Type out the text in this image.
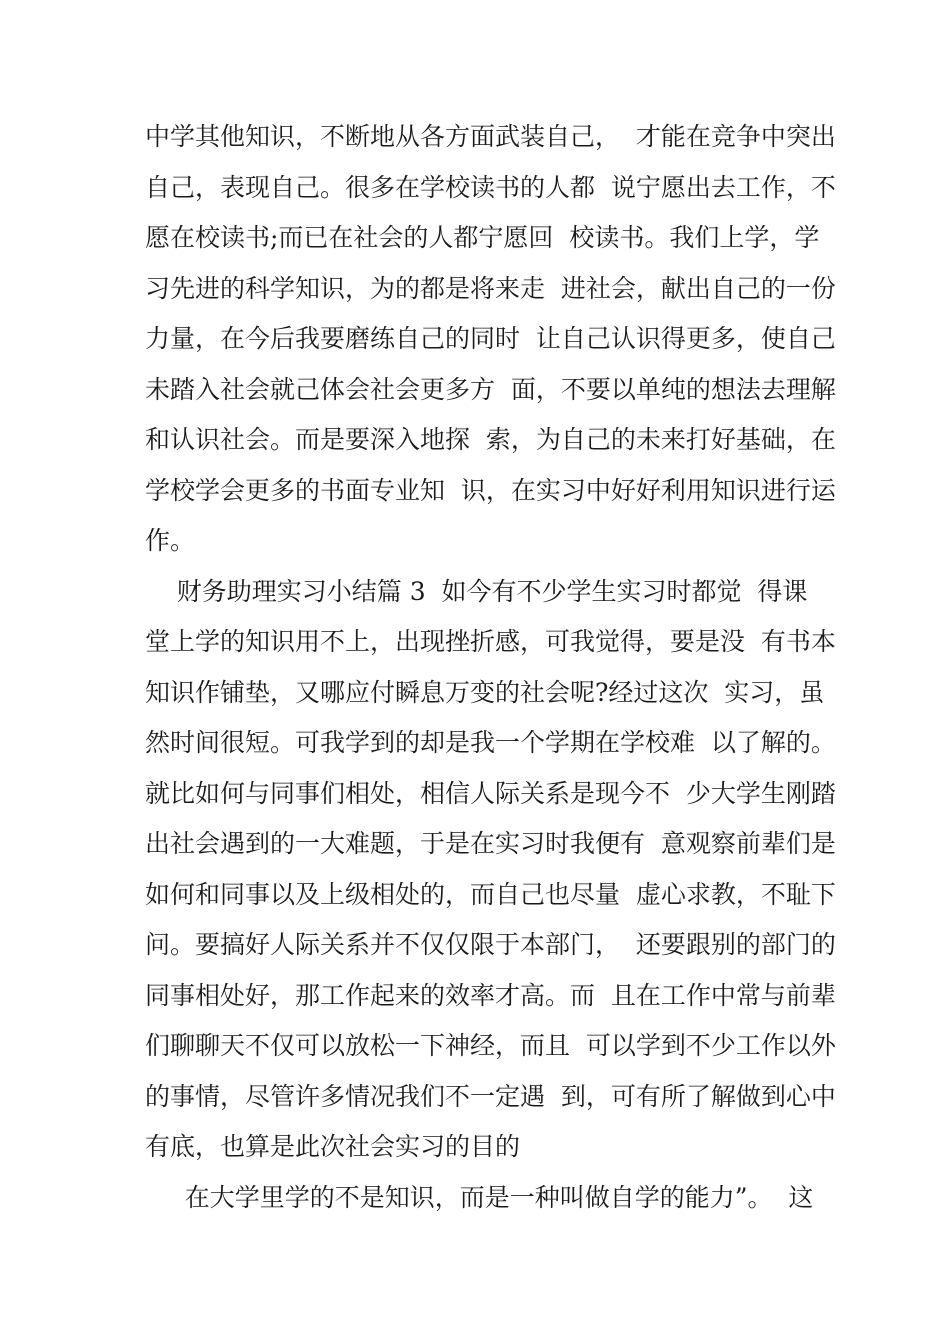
中学其他知识，不断地从各方面武装自己，  才能在竞争中突出
自己，表现自己。很多在学校读书的人都  说宁愿出去工作，不
愿在校读书;而已在社会的人都宁愿回  校读书。我们上学，学
习先进的科学知识，为的都是将来走  进社会，献出自己的一份
力量，在今后我要磨练自己的同时  让自己认识得更多，使自己
未踏入社会就己体会社会更多方  面，不要以单纯的想法去理解
和认识社会。而是要深入地探  索，为自己的未来打好基础，在
学校学会更多的书面专业知  识，在实习中好好利用知识进行运
作。
财务助理实习小结篇 3  如今有不少学生实习时都觉  得课
堂上学的知识用不上，出现挫折感，可我觉得，要是没  有书本
知识作铺垫，又哪应付瞬息万变的社会呢?经过这次  实习，虽
然时间很短。可我学到的却是我一个学期在学校难  以了解的。
就比如何与同事们相处，相信人际关系是现今不  少大学生刚踏
出社会遇到的一大难题，于是在实习时我便有  意观察前辈们是
如何和同事以及上级相处的，而自己也尽量  虚心求教，不耻下
问。要搞好人际关系并不仅仅限于本部门，  还要跟别的部门的
同事相处好，那工作起来的效率才高。而  且在工作中常与前辈
们聊聊天不仅可以放松一下神经，而且  可以学到不少工作以外
的事情，尽管许多情况我们不一定遇  到，可有所了解做到心中
有底，也算是此次社会实习的目的
在大学里学的不是知识，而是一种叫做自学的能力”。  这
